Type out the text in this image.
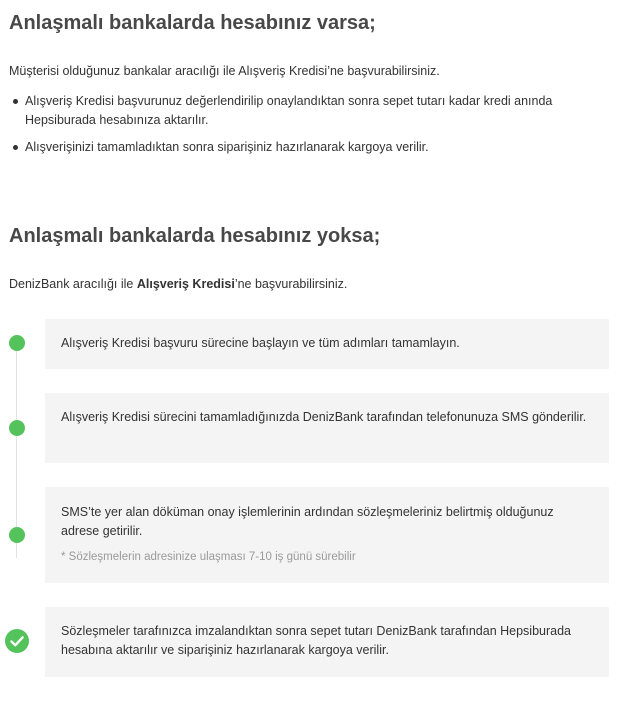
Anlaşmalı bankalarda hesabınız varsa;

Müşterisi olduğunuz bankalar aracılığı ile Alışveriş Kredisi’ne başvurabilirsiniz.

Alışveriş Kredisi başvurunuz değerlendirilip onaylandıktan sonra sepet tutarı kadar kredi anında Hepsiburada hesabınıza aktarılır.
Alışverişinizi tamamladıktan sonra siparişiniz hazırlanarak kargoya verilir.
Anlaşmalı bankalarda hesabınız yoksa;

DenizBank aracılığı ile Alışveriş Kredisi’ne başvurabilirsiniz.

Alışveriş Kredisi başvuru sürecine başlayın ve tüm adımları tamamlayın.

Alışveriş Kredisi sürecini tamamladığınızda DenizBank tarafından telefonunuza SMS gönderilir.

SMS’te yer alan döküman onay işlemlerinin ardından sözleşmeleriniz belirtmiş olduğunuz adrese getirilir.

* Sözleşmelerin adresinize ulaşması 7-10 iş günü sürebilir

Sözleşmeler tarafınızca imzalandıktan sonra sepet tutarı DenizBank tarafından Hepsiburada hesabına aktarılır ve siparişiniz hazırlanarak kargoya verilir.
